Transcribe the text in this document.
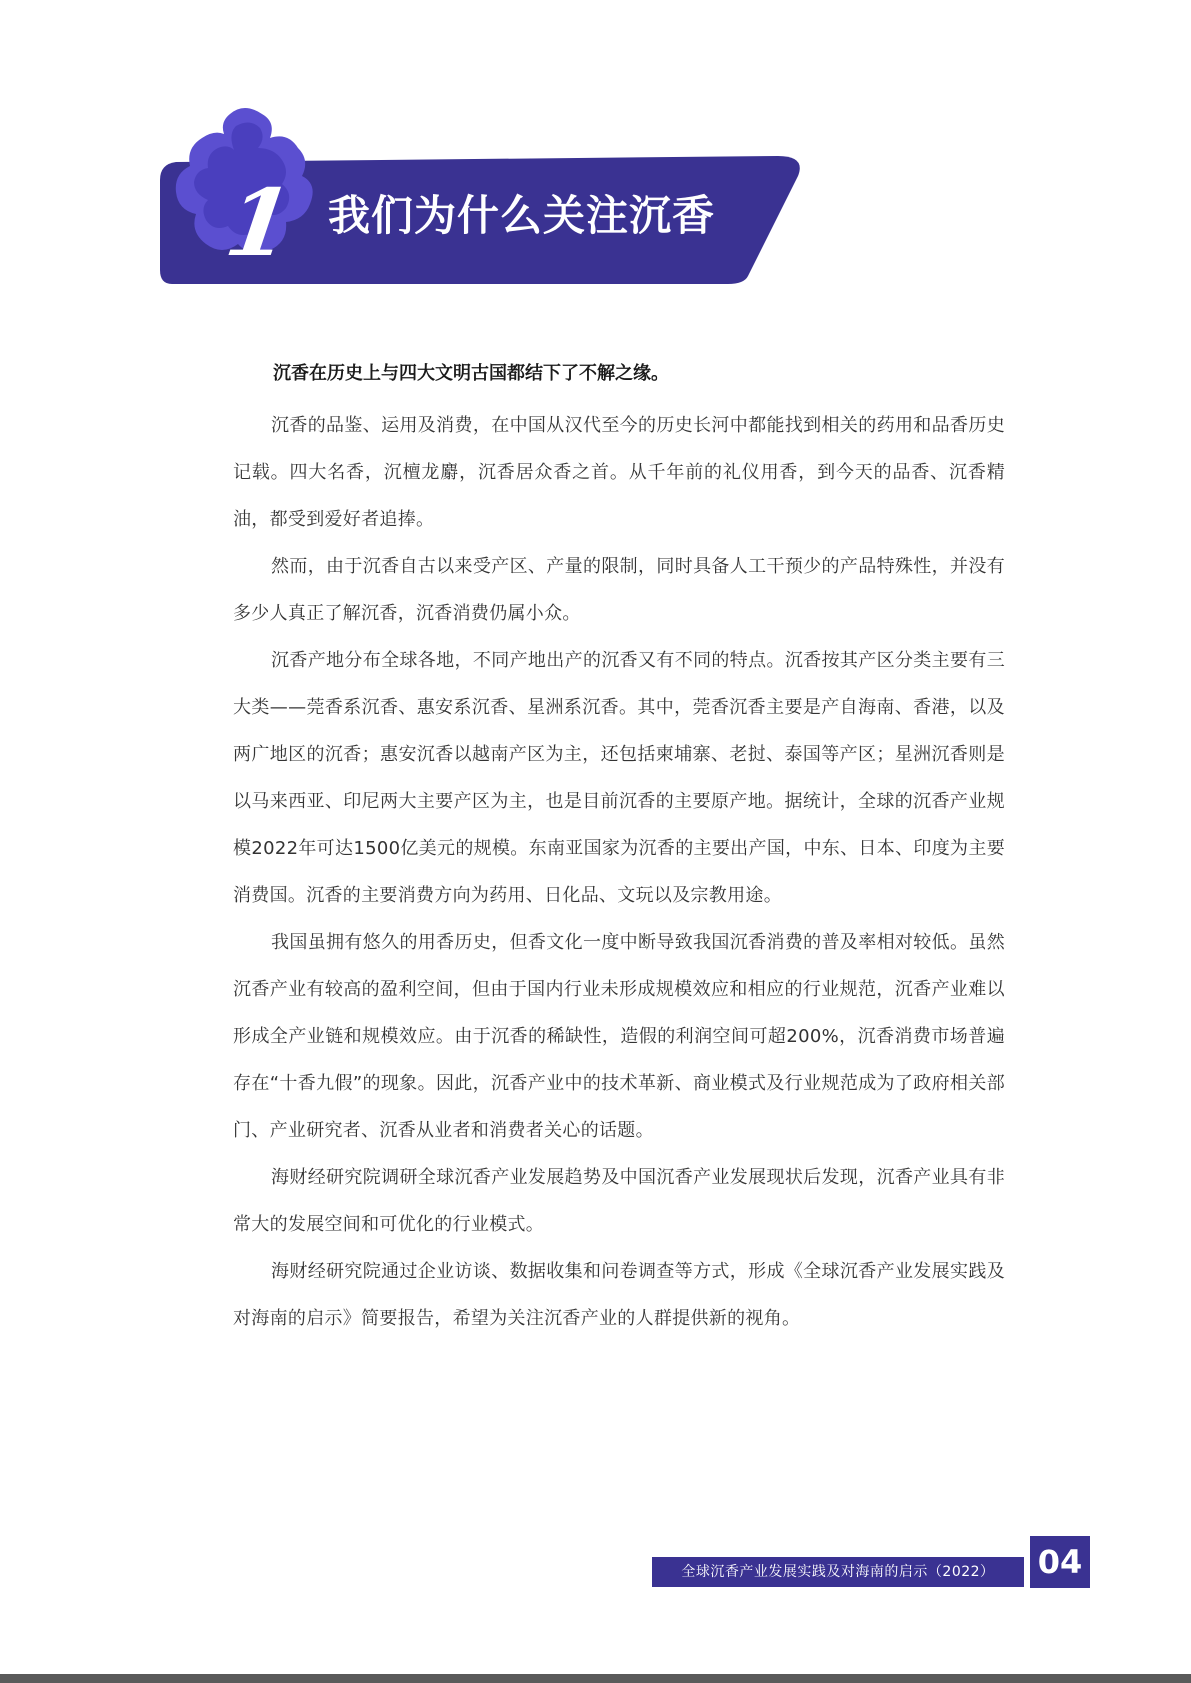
1 我们为什么关注沉香

沉香在历史上与四大文明古国都结下了不解之缘。

沉香的品鉴、运用及消费，在中国从汉代至今的历史长河中都能找到相关的药用和品香历史记载。四大名香，沉檀龙麝，沉香居众香之首。从千年前的礼仪用香，到今天的品香、沉香精油，都受到爱好者追捧。

然而，由于沉香自古以来受产区、产量的限制，同时具备人工干预少的产品特殊性，并没有多少人真正了解沉香，沉香消费仍属小众。

沉香产地分布全球各地，不同产地出产的沉香又有不同的特点。沉香按其产区分类主要有三大类——莞香系沉香、惠安系沉香、星洲系沉香。其中，莞香沉香主要是产自海南、香港，以及两广地区的沉香；惠安沉香以越南产区为主，还包括柬埔寨、老挝、泰国等产区；星洲沉香则是以马来西亚、印尼两大主要产区为主，也是目前沉香的主要原产地。据统计，全球的沉香产业规模2022年可达1500亿美元的规模。东南亚国家为沉香的主要出产国，中东、日本、印度为主要消费国。沉香的主要消费方向为药用、日化品、文玩以及宗教用途。

我国虽拥有悠久的用香历史，但香文化一度中断导致我国沉香消费的普及率相对较低。虽然沉香产业有较高的盈利空间，但由于国内行业未形成规模效应和相应的行业规范，沉香产业难以形成全产业链和规模效应。由于沉香的稀缺性，造假的利润空间可超200%，沉香消费市场普遍存在“十香九假”的现象。因此，沉香产业中的技术革新、商业模式及行业规范成为了政府相关部门、产业研究者、沉香从业者和消费者关心的话题。

海财经研究院调研全球沉香产业发展趋势及中国沉香产业发展现状后发现，沉香产业具有非常大的发展空间和可优化的行业模式。

海财经研究院通过企业访谈、数据收集和问卷调查等方式，形成《全球沉香产业发展实践及对海南的启示》简要报告，希望为关注沉香产业的人群提供新的视角。

全球沉香产业发展实践及对海南的启示（2022）	04
